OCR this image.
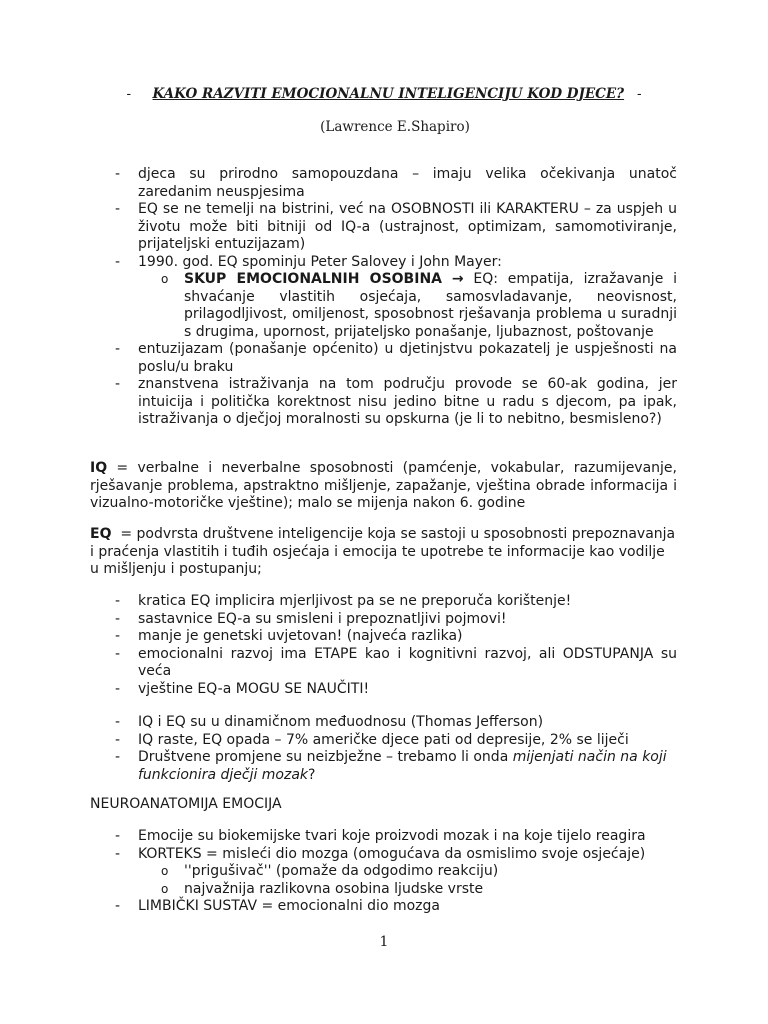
- KAKO RAZVITI EMOCIONALNU INTELIGENCIJU KOD DJECE? -
(Lawrence E.Shapiro)
- djeca su prirodno samopouzdana – imaju velika očekivanja unatoč zaredanim neuspjesima
- EQ se ne temelji na bistrini, već na OSOBNOSTI ili KARAKTERU – za uspjeh u životu može biti bitniji od IQ-a (ustrajnost, optimizam, samomotiviranje, prijateljski entuzijazam)
- 1990. god. EQ spominju Peter Salovey i John Mayer:
o SKUP EMOCIONALNIH OSOBINA → EQ: empatija, izražavanje i shvaćanje vlastitih osjećaja, samosvladavanje, neovisnost, prilagodljivost, omiljenost, sposobnost rješavanja problema u suradnji s drugima, upornost, prijateljsko ponašanje, ljubaznost, poštovanje
- entuzijazam (ponašanje općenito) u djetinjstvu pokazatelj je uspješnosti na poslu/u braku
- znanstvena istraživanja na tom području provode se 60-ak godina, jer intuicija i politička korektnost nisu jedino bitne u radu s djecom, pa ipak, istraživanja o dječjoj moralnosti su opskurna (je li to nebitno, besmisleno?)
IQ = verbalne i neverbalne sposobnosti (pamćenje, vokabular, razumijevanje, rješavanje problema, apstraktno mišljenje, zapažanje, vještina obrade informacija i vizualno-motoričke vještine); malo se mijenja nakon 6. godine
EQ  = podvrsta društvene inteligencije koja se sastoji u sposobnosti prepoznavanja i praćenja vlastitih i tuđih osjećaja i emocija te upotrebe te informacije kao vodilje u mišljenju i postupanju;
- kratica EQ implicira mjerljivost pa se ne preporuča korištenje!
- sastavnice EQ-a su smisleni i prepoznatljivi pojmovi!
- manje je genetski uvjetovan! (najveća razlika)
- emocionalni razvoj ima ETAPE kao i kognitivni razvoj, ali ODSTUPANJA su veća
- vještine EQ-a MOGU SE NAUČITI!
- IQ i EQ su u dinamičnom međuodnosu (Thomas Jefferson)
- IQ raste, EQ opada – 7% američke djece pati od depresije, 2% se liječi
- Društvene promjene su neizbježne – trebamo li onda mijenjati način na koji funkcionira dječji mozak?
NEUROANATOMIJA EMOCIJA
- Emocije su biokemijske tvari koje proizvodi mozak i na koje tijelo reagira
- KORTEKS = misleći dio mozga (omogućava da osmislimo svoje osjećaje)
o ''prigušivač'' (pomaže da odgodimo reakciju)
o najvažnija razlikovna osobina ljudske vrste
- LIMBIČKI SUSTAV = emocionalni dio mozga
1
